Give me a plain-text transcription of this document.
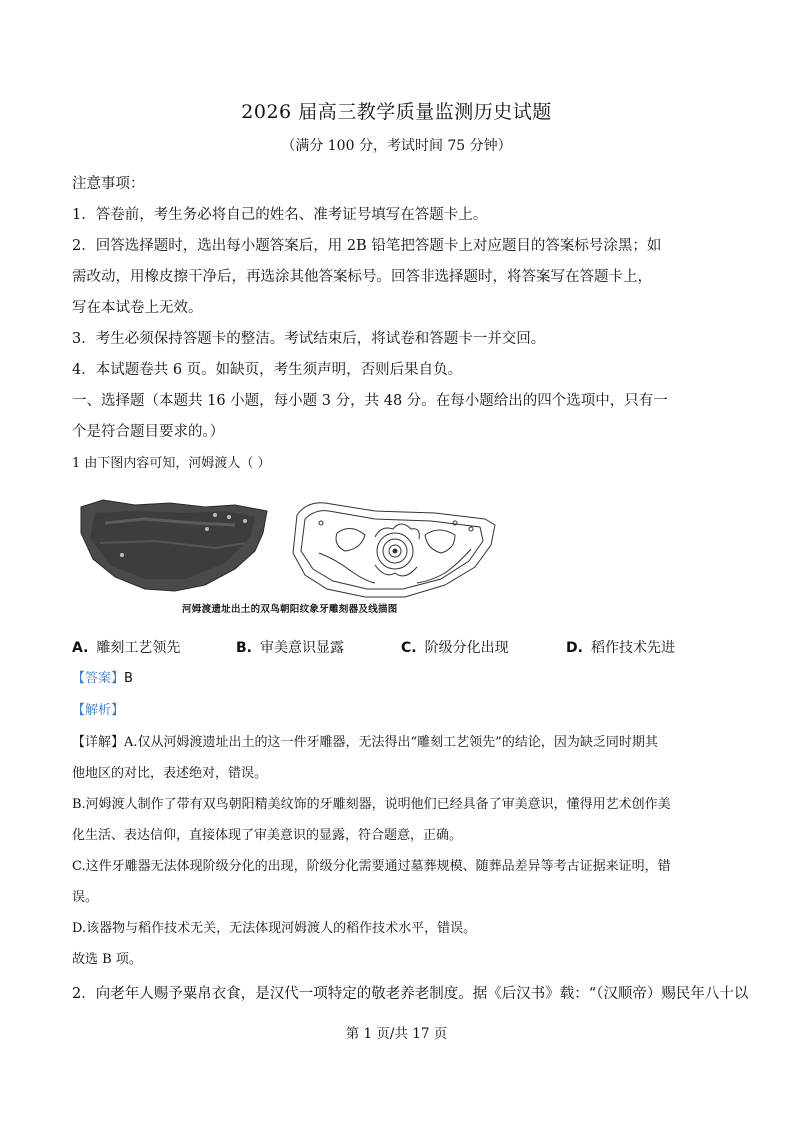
2026 届高三教学质量监测历史试题
（满分 100 分，考试时间 75 分钟）
注意事项：
1．答卷前，考生务必将自己的姓名、准考证号填写在答题卡上。
2．回答选择题时，选出每小题答案后，用 2B 铅笔把答题卡上对应题目的答案标号涂黑；如
需改动，用橡皮擦干净后，再选涂其他答案标号。回答非选择题时，将答案写在答题卡上，
写在本试卷上无效。
3．考生必须保持答题卡的整洁。考试结束后，将试卷和答题卡一并交回。
4．本试题卷共 6 页。如缺页，考生须声明，否则后果自负。
一、选择题（本题共 16 小题，每小题 3 分，共 48 分。在每小题给出的四个选项中，只有一
个是符合题目要求的。）
1 由下图内容可知，河姆渡人（ ）
河姆渡遗址出土的双鸟朝阳纹象牙雕刻器及线描图
A. 雕刻工艺领先	B. 审美意识显露	C. 阶级分化出现	D. 稻作技术先进
【答案】B
【解析】
【详解】A.仅从河姆渡遗址出土的这一件牙雕器，无法得出“雕刻工艺领先”的结论，因为缺乏同时期其
他地区的对比，表述绝对，错误。
B.河姆渡人制作了带有双鸟朝阳精美纹饰的牙雕刻器，说明他们已经具备了审美意识，懂得用艺术创作美
化生活、表达信仰，直接体现了审美意识的显露，符合题意，正确。
C.这件牙雕器无法体现阶级分化的出现，阶级分化需要通过墓葬规模、随葬品差异等考古证据来证明，错
误。
D.该器物与稻作技术无关，无法体现河姆渡人的稻作技术水平，错误。
故选 B 项。
2．向老年人赐予粟帛衣食，是汉代一项特定的敬老养老制度。据《后汉书》载：“（汉顺帝）赐民年八十以
第 1 页/共 17 页
